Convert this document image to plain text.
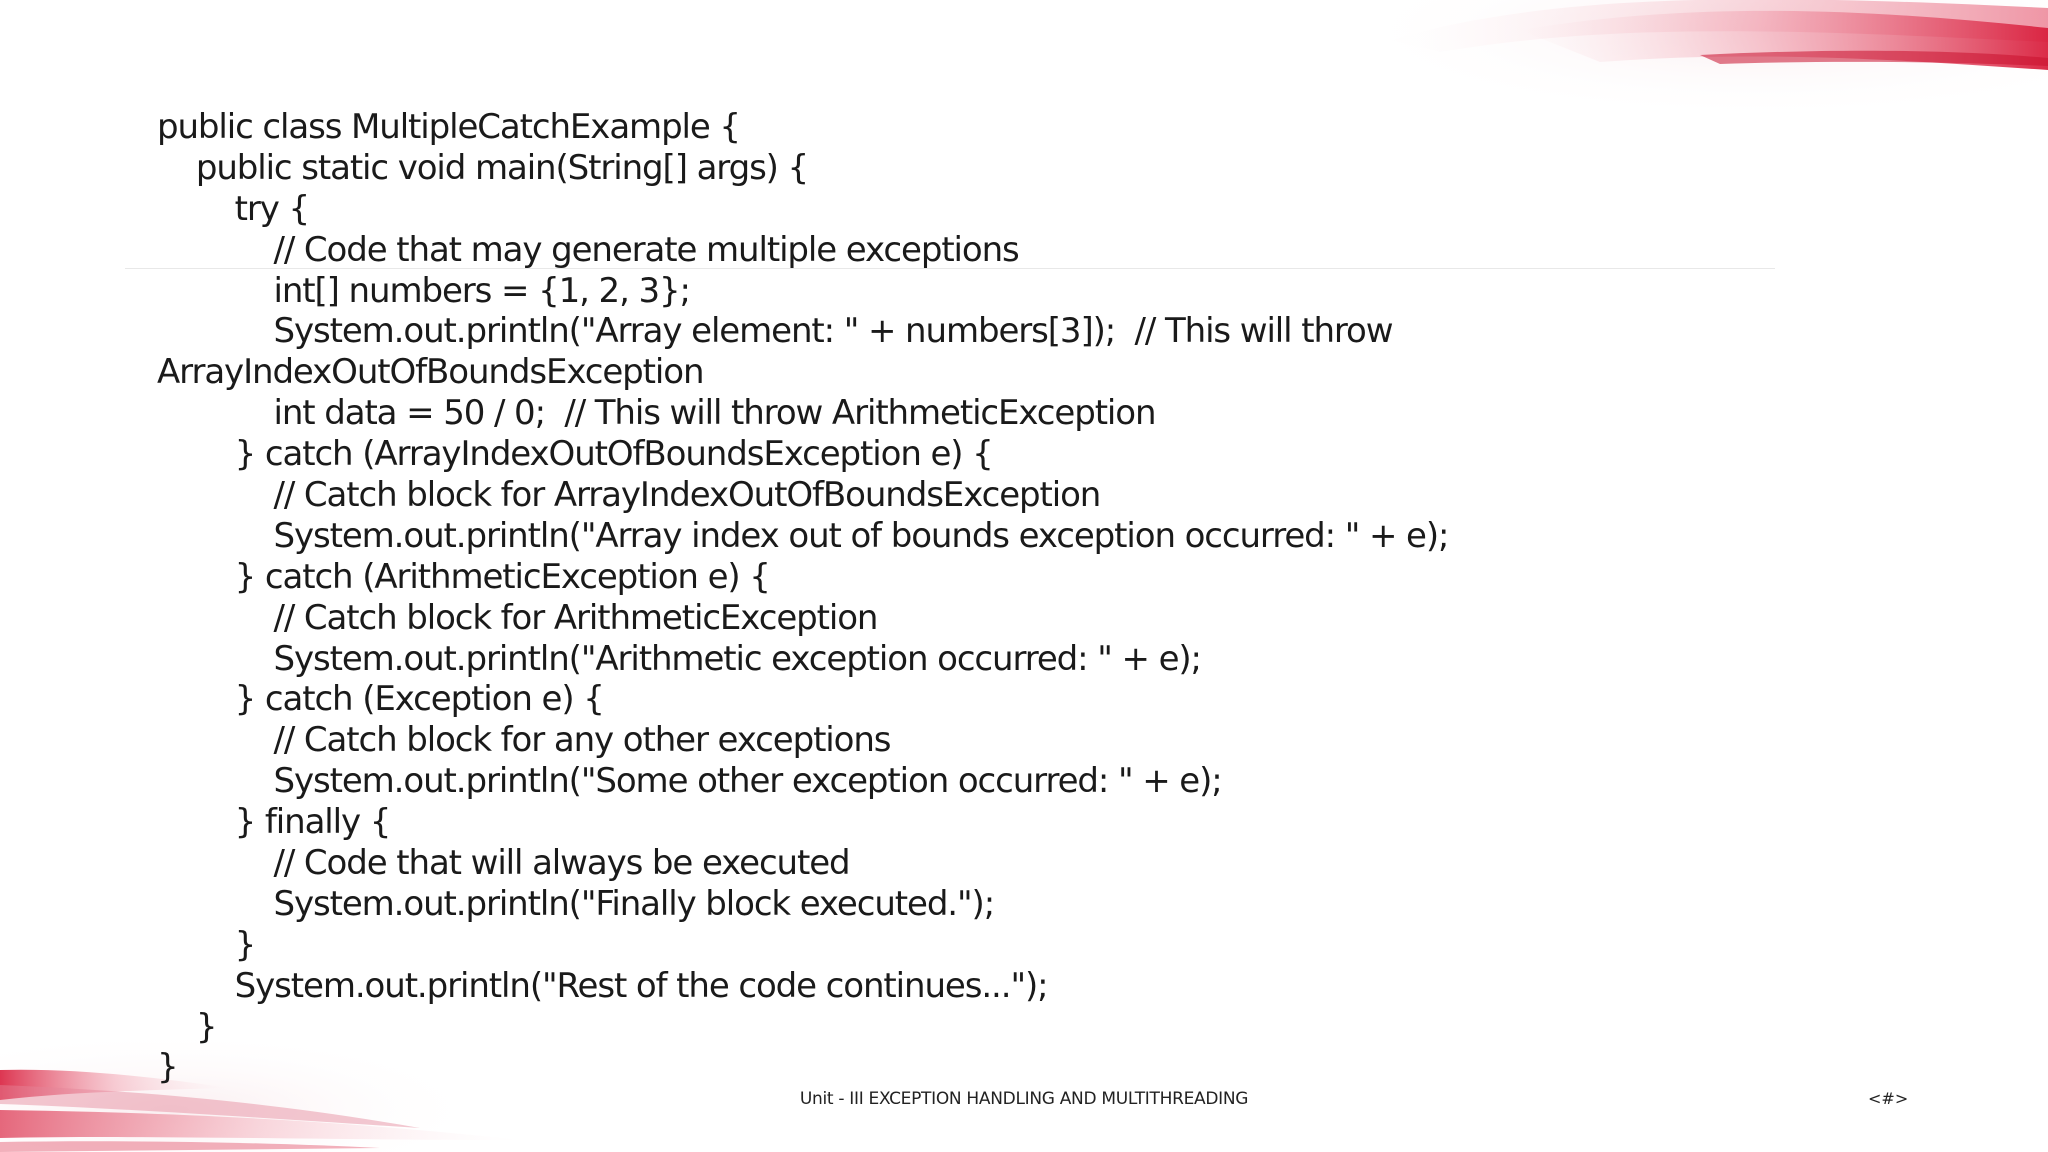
public class MultipleCatchExample {
public static void main(String[] args) {
try {
// Code that may generate multiple exceptions
int[] numbers = {1, 2, 3};
System.out.println("Array element: " + numbers[3]);  // This will throw
ArrayIndexOutOfBoundsException
int data = 50 / 0;  // This will throw ArithmeticException
} catch (ArrayIndexOutOfBoundsException e) {
// Catch block for ArrayIndexOutOfBoundsException
System.out.println("Array index out of bounds exception occurred: " + e);
} catch (ArithmeticException e) {
// Catch block for ArithmeticException
System.out.println("Arithmetic exception occurred: " + e);
} catch (Exception e) {
// Catch block for any other exceptions
System.out.println("Some other exception occurred: " + e);
} finally {
// Code that will always be executed
System.out.println("Finally block executed.");
}
System.out.println("Rest of the code continues...");
}
}
Unit - III EXCEPTION HANDLING AND MULTITHREADING	<#>
